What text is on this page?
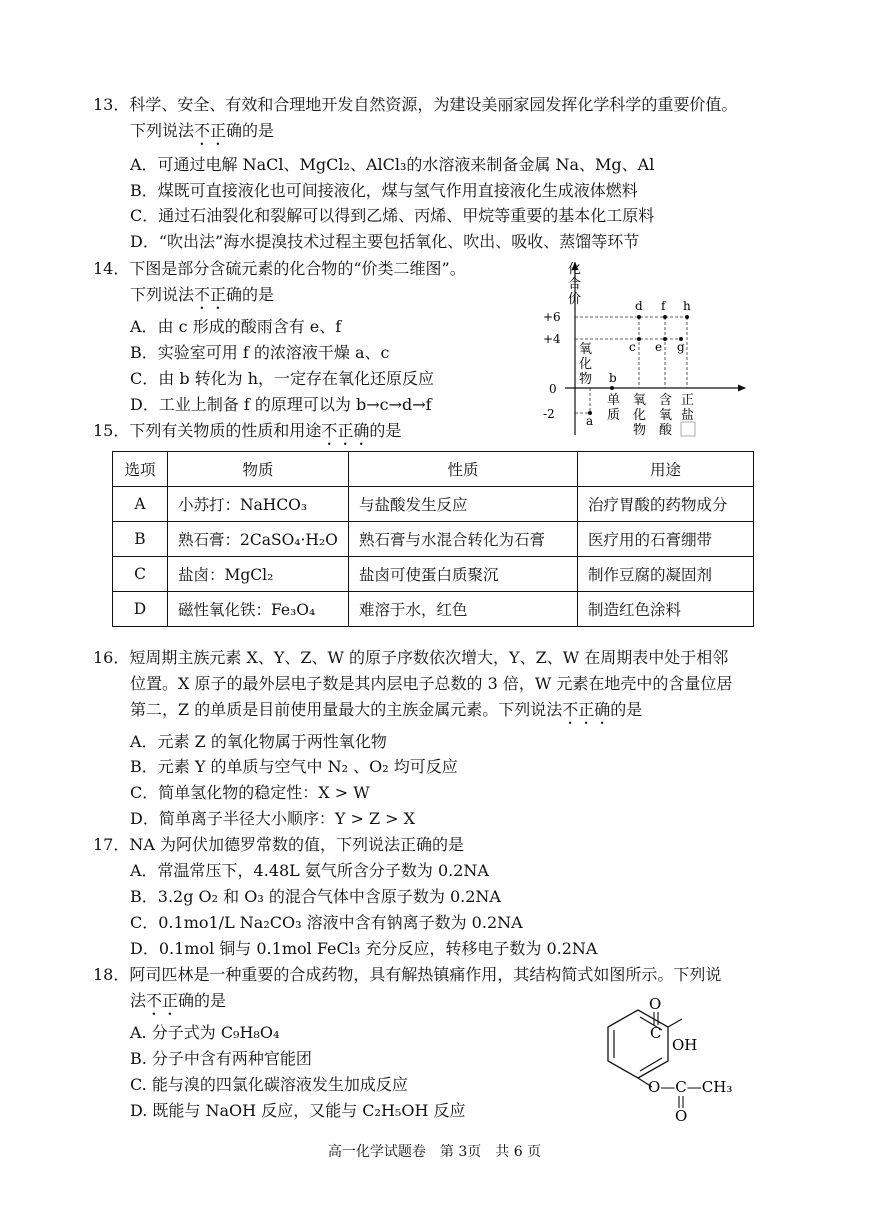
13．科学、安全、有效和合理地开发自然资源，为建设美丽家园发挥化学科学的重要价值。
下列说法不正确的是
A．可通过电解 NaCl、MgCl₂、AlCl₃的水溶液来制备金属 Na、Mg、Al
B．煤既可直接液化也可间接液化，煤与氢气作用直接液化生成液体燃料
C．通过石油裂化和裂解可以得到乙烯、丙烯、甲烷等重要的基本化工原料
D．“吹出法”海水提溴技术过程主要包括氧化、吹出、吸收、蒸馏等环节
14．下图是部分含硫元素的化合物的“价类二维图”。
下列说法不正确的是
A．由 c 形成的酸雨含有 e、f
B．实验室可用 f 的浓溶液干燥 a、c
C．由 b 转化为 h，一定存在氧化还原反应
D．工业上制备 f 的原理可以为 b→c→d→f
化
合
价
+6
+4
0
-2
氧
化
物
单
质
氧
化
物
含
氧
酸
正
盐
a
b
c
d
e
f
g
h
15．下列有关物质的性质和用途不正确的是
选项	物质	性质	用途
A	小苏打：NaHCO₃	与盐酸发生反应	治疗胃酸的药物成分
B	熟石膏：2CaSO₄·H₂O	熟石膏与水混合转化为石膏	医疗用的石膏绷带
C	盐卤：MgCl₂	盐卤可使蛋白质聚沉	制作豆腐的凝固剂
D	磁性氧化铁：Fe₃O₄	难溶于水，红色	制造红色涂料
16．短周期主族元素 X、Y、Z、W 的原子序数依次增大，Y、Z、W 在周期表中处于相邻
位置。X 原子的最外层电子数是其内层电子总数的 3 倍，W 元素在地壳中的含量位居
第二，Z 的单质是目前使用量最大的主族金属元素。下列说法不正确的是
A．元素 Z 的氧化物属于两性氧化物
B．元素 Y 的单质与空气中 N₂ 、O₂ 均可反应
C．简单氢化物的稳定性：X > W
D．简单离子半径大小顺序：Y > Z > X
17．NA 为阿伏加德罗常数的值，下列说法正确的是
A．常温常压下，4.48L 氨气所含分子数为 0.2NA
B．3.2g O₂ 和 O₃ 的混合气体中含原子数为 0.2NA
C．0.1mo1/L Na₂CO₃ 溶液中含有钠离子数为 0.2NA
D．0.1mol 铜与 0.1mol FeCl₃ 充分反应，转移电子数为 0.2NA
18．阿司匹林是一种重要的合成药物，具有解热镇痛作用，其结构简式如图所示。下列说
法不正确的是
A. 分子式为 C₉H₈O₄
B. 分子中含有两种官能团
C. 能与溴的四氯化碳溶液发生加成反应
D. 既能与 NaOH 反应，又能与 C₂H₅OH 反应
O
C
OH
O—C—CH₃
O
高一化学试题卷　第 3页　共 6 页
